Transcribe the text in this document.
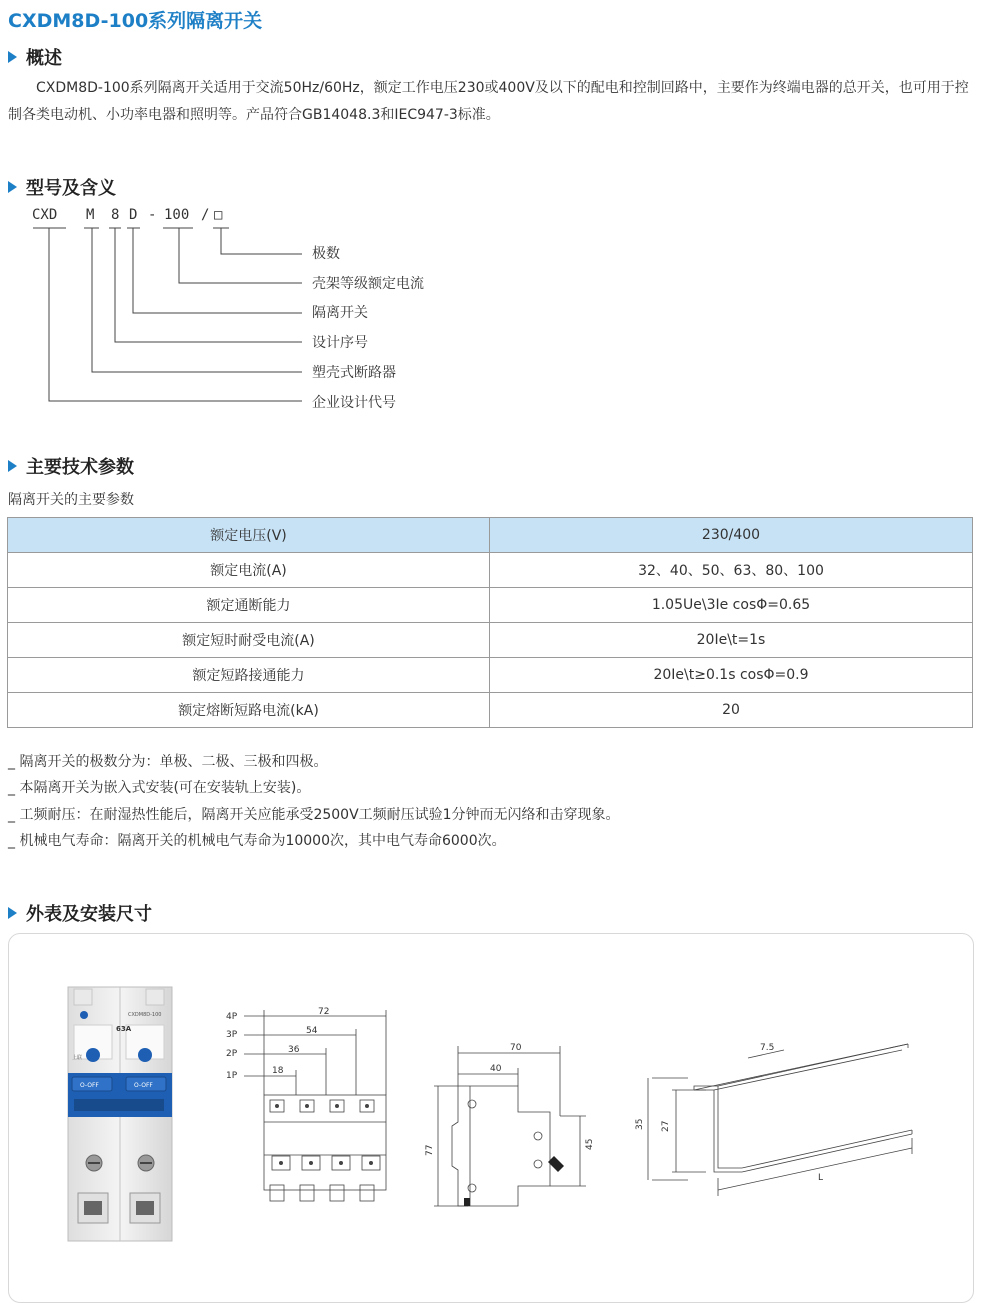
CXDM8D-100系列隔离开关
概述
CXDM8D-100系列隔离开关适用于交流50Hz/60Hz，额定工作电压230或400V及以下的配电和控制回路中，主要作为终端电器的总开关，也可用于控制各类电动机、小功率电器和照明等。产品符合GB14048.3和IEC947-3标准。
型号及含义
CXD M 8 D - 100 / □
极数
壳架等级额定电流
隔离开关
设计序号
塑壳式断路器
企业设计代号
主要技术参数
隔离开关的主要参数
额定电压(V)	230/400
额定电流(A)	32、40、50、63、80、100
额定通断能力	1.05Ue\3Ie cosΦ=0.65
额定短时耐受电流(A)	20Ie\t=1s
额定短路接通能力	20Ie\t≥0.1s cosΦ=0.9
额定熔断短路电流(kA)	20
_ 隔离开关的极数分为：单极、二极、三极和四极。
_ 本隔离开关为嵌入式安装(可在安装轨上安装)。
_ 工频耐压：在耐湿热性能后，隔离开关应能承受2500V工频耐压试验1分钟而无闪络和击穿现象。
_ 机械电气寿命：隔离开关的机械电气寿命为10000次，其中电气寿命6000次。
外表及安装尺寸
CXDM8D-100
63A
上联
O-OFF	O-OFF
4P
3P
2P
1P
72
54
36
18
70
40
77
45
7.5
35 27
L
